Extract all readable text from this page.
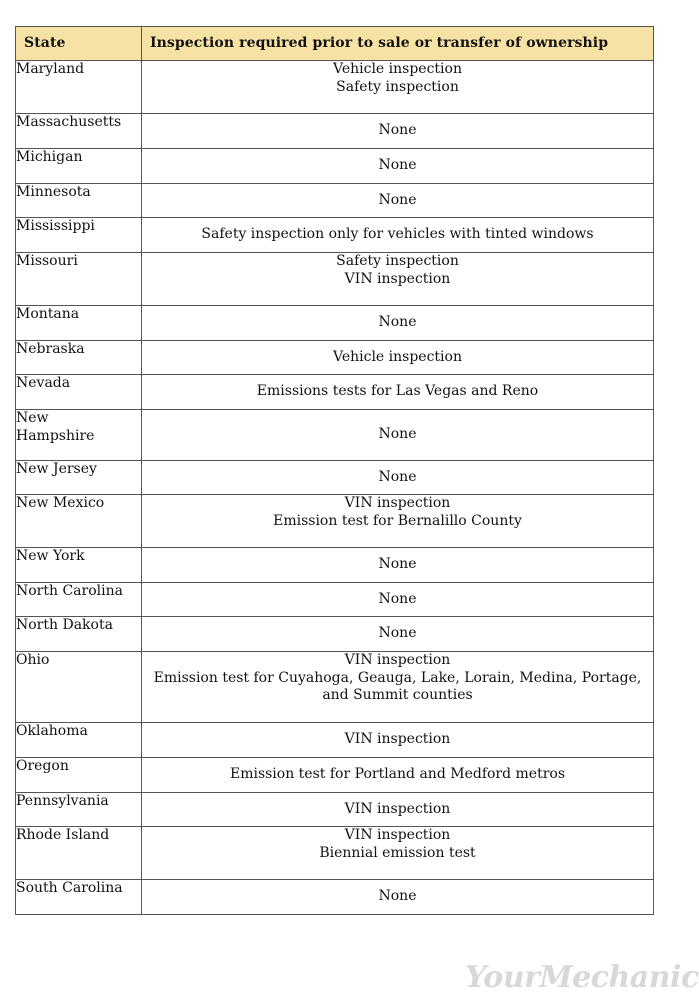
State	Inspection required prior to sale or transfer of ownership

Maryland	Vehicle inspection
Safety inspection

Massachusetts	None

Michigan	None

Minnesota	None

Mississippi	Safety inspection only for vehicles with tinted windows

Missouri	Safety inspection
VIN inspection

Montana	None

Nebraska	Vehicle inspection

Nevada	Emissions tests for Las Vegas and Reno

New
Hampshire	None

New Jersey	None

New Mexico	VIN inspection
Emission test for Bernalillo County

New York	None

North Carolina	None

North Dakota	None

Ohio	VIN inspection
Emission test for Cuyahoga, Geauga, Lake, Lorain, Medina, Portage,
and Summit counties

Oklahoma	VIN inspection

Oregon	Emission test for Portland and Medford metros

Pennsylvania	VIN inspection

Rhode Island	VIN inspection
Biennial emission test

South Carolina	None
YourMechanic
